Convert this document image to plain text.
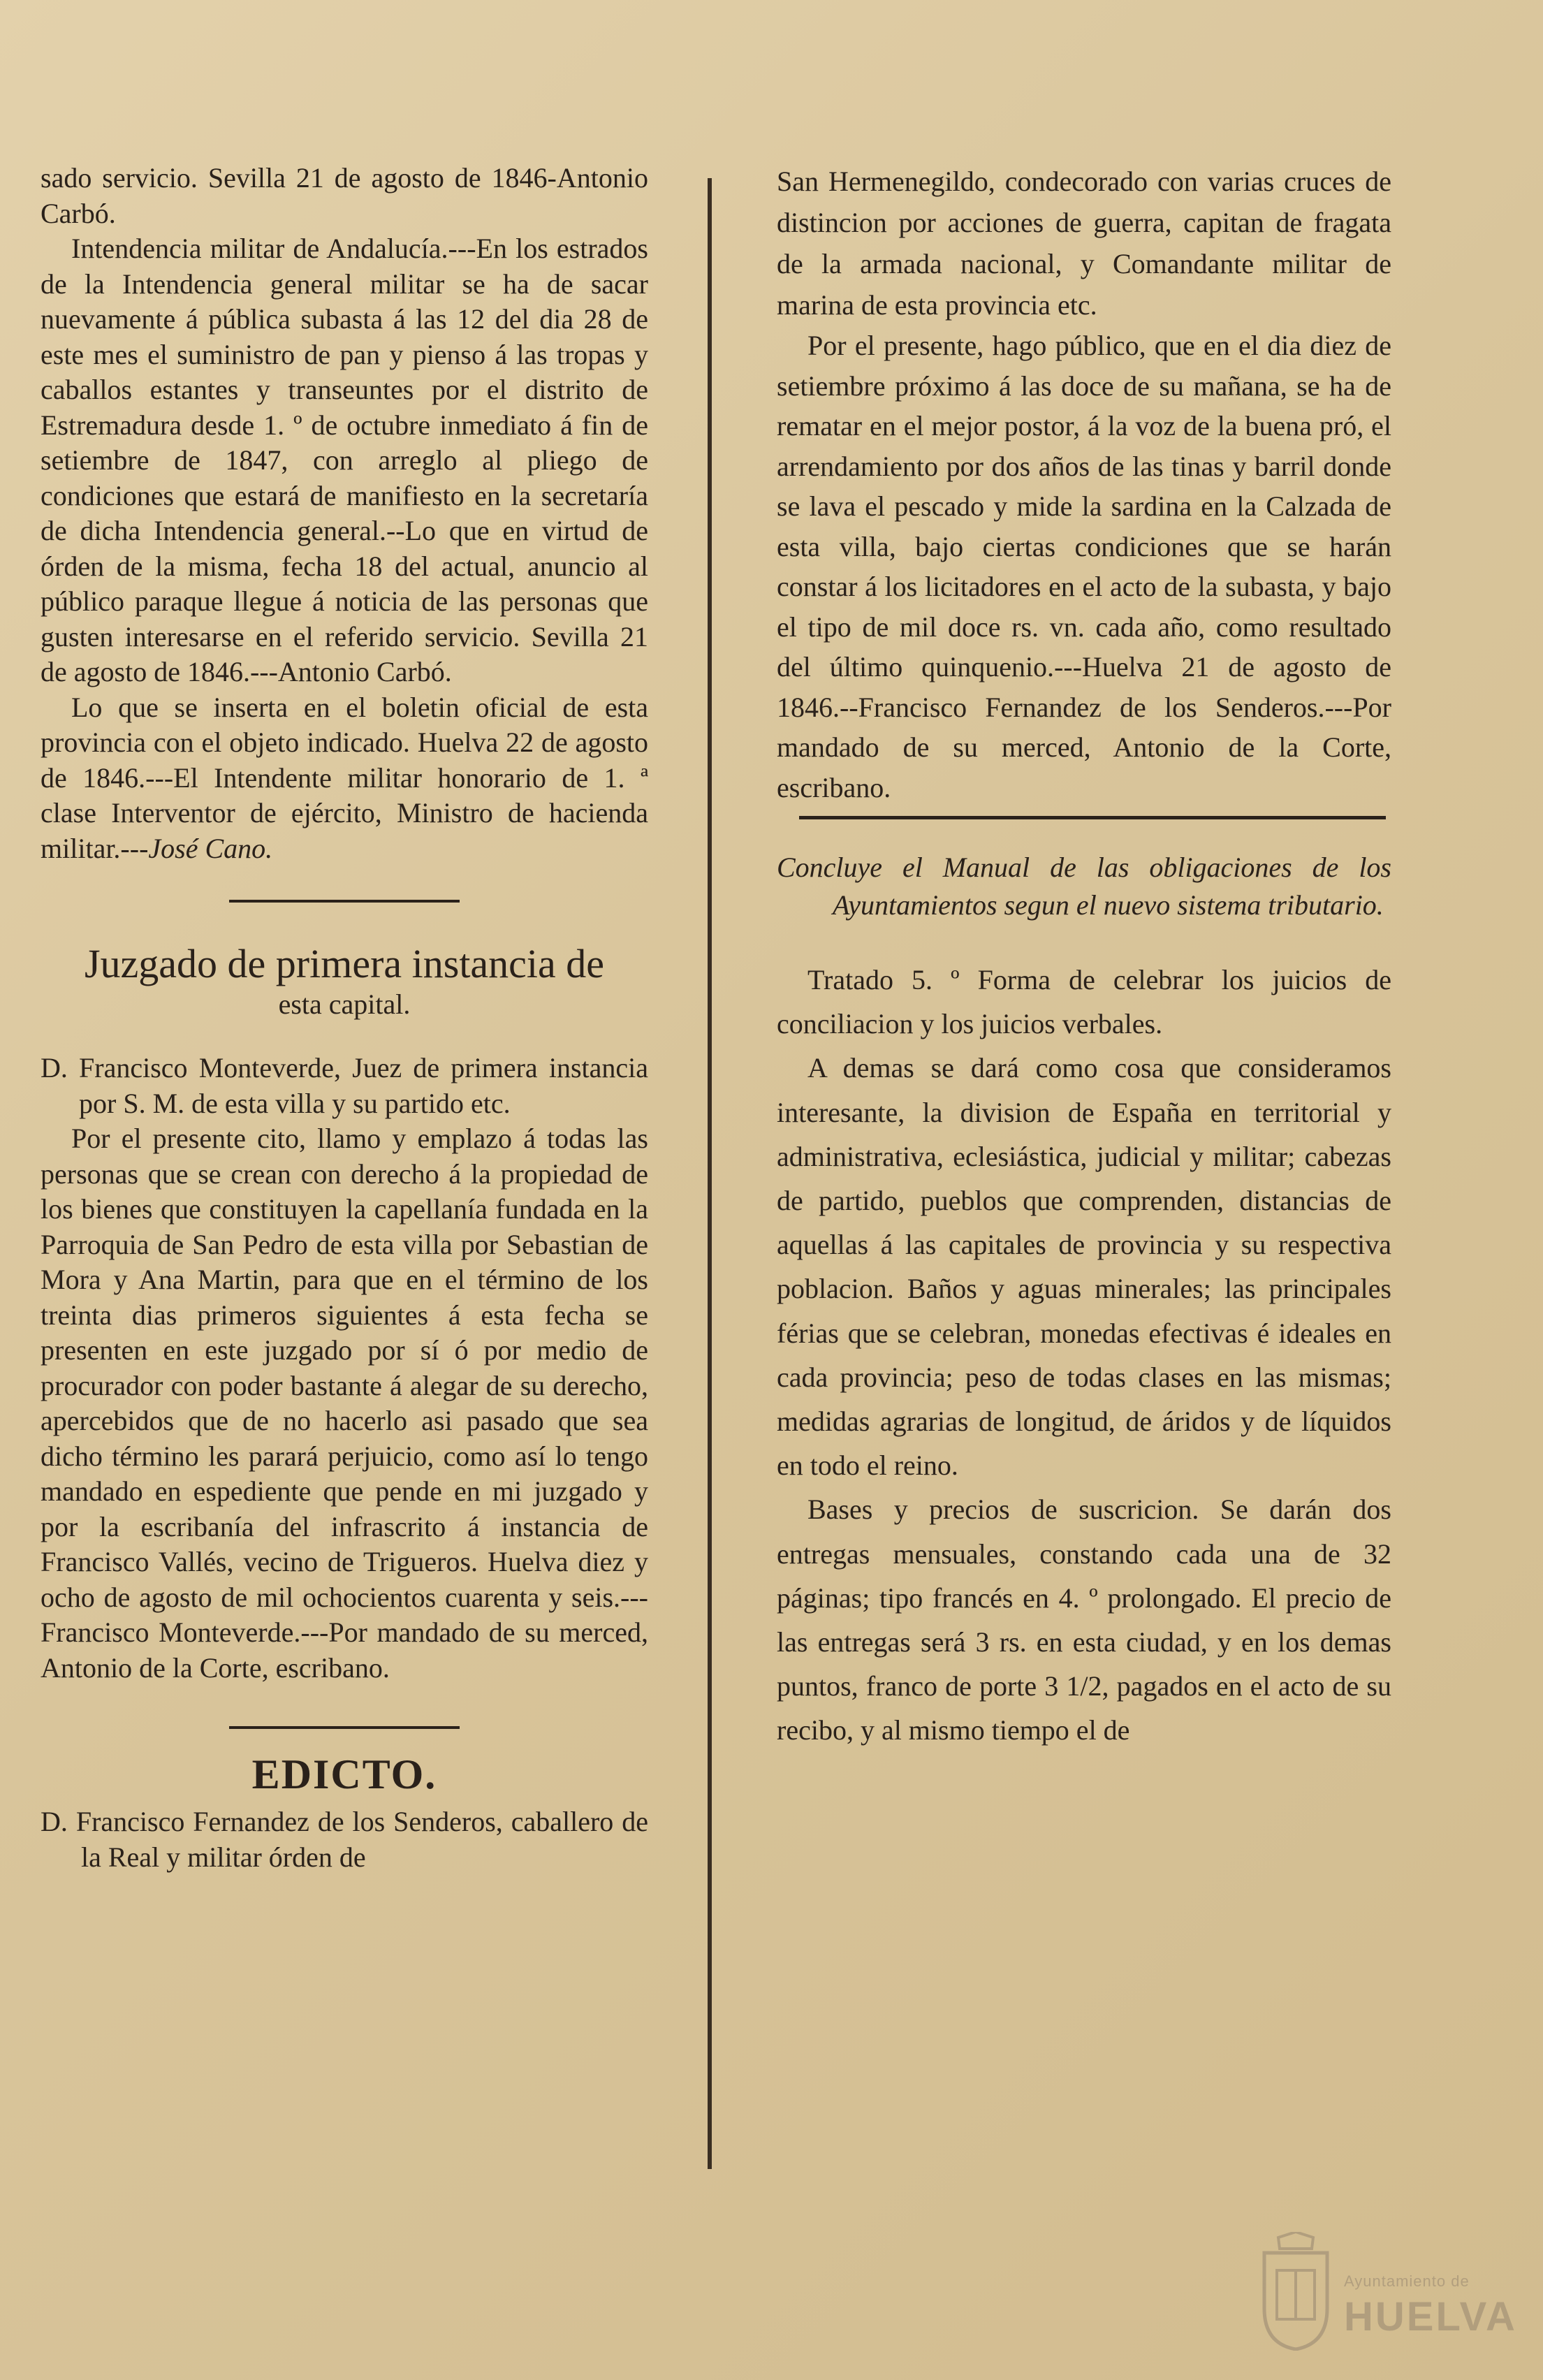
sado servicio. Sevilla 21 de agosto de 1846-Antonio Carbó.

Intendencia militar de Andalucía.---En los estrados de la Intendencia general militar se ha de sacar nuevamente á pública subasta á las 12 del dia 28 de este mes el suministro de pan y pienso á las tropas y caballos estantes y transeuntes por el distrito de Estremadura desde 1. º de octubre inmediato á fin de setiembre de 1847, con arreglo al pliego de condiciones que estará de manifiesto en la secretaría de dicha Intendencia general.--Lo que en virtud de órden de la misma, fecha 18 del actual, anuncio al público paraque llegue á noticia de las personas que gusten interesarse en el referido servicio. Sevilla 21 de agosto de 1846.---Antonio Carbó.

Lo que se inserta en el boletin oficial de esta provincia con el objeto indicado. Huelva 22 de agosto de 1846.---El Intendente militar honorario de 1. ª clase Interventor de ejército, Ministro de hacienda militar.---José Cano.

Juzgado de primera instancia de
esta capital.

D. Francisco Monteverde, Juez de primera instancia por S. M. de esta villa y su partido etc.

Por el presente cito, llamo y emplazo á todas las personas que se crean con derecho á la propiedad de los bienes que constituyen la capellanía fundada en la Parroquia de San Pedro de esta villa por Sebastian de Mora y Ana Martin, para que en el término de los treinta dias primeros siguientes á esta fecha se presenten en este juzgado por sí ó por medio de procurador con poder bastante á alegar de su derecho, apercebidos que de no hacerlo asi pasado que sea dicho término les parará perjuicio, como así lo tengo mandado en espediente que pende en mi juzgado y por la escribanía del infrascrito á instancia de Francisco Vallés, vecino de Trigueros. Huelva diez y ocho de agosto de mil ochocientos cuarenta y seis.---Francisco Monteverde.---Por mandado de su merced, Antonio de la Corte, escribano.

EDICTO.

D. Francisco Fernandez de los Senderos, caballero de la Real y militar órden de

San Hermenegildo, condecorado con varias cruces de distincion por acciones de guerra, capitan de fragata de la armada nacional, y Comandante militar de marina de esta provincia etc.

Por el presente, hago público, que en el dia diez de setiembre próximo á las doce de su mañana, se ha de rematar en el mejor postor, á la voz de la buena pró, el arrendamiento por dos años de las tinas y barril donde se lava el pescado y mide la sardina en la Calzada de esta villa, bajo ciertas condiciones que se harán constar á los licitadores en el acto de la subasta, y bajo el tipo de mil doce rs. vn. cada año, como resultado del último quinquenio.---Huelva 21 de agosto de 1846.--Francisco Fernandez de los Senderos.---Por mandado de su merced, Antonio de la Corte, escribano.

Concluye el Manual de las obligaciones de los Ayuntamientos segun el nuevo sistema tributario.

Tratado 5. º Forma de celebrar los juicios de conciliacion y los juicios verbales.

A demas se dará como cosa que consideramos interesante, la division de España en territorial y administrativa, eclesiástica, judicial y militar; cabezas de partido, pueblos que comprenden, distancias de aquellas á las capitales de provincia y su respectiva poblacion. Baños y aguas minerales; las principales férias que se celebran, monedas efectivas é ideales en cada provincia; peso de todas clases en las mismas; medidas agrarias de longitud, de áridos y de líquidos en todo el reino.

Bases y precios de suscricion. Se darán dos entregas mensuales, constando cada una de 32 páginas; tipo francés en 4. º prolongado. El precio de las entregas será 3 rs. en esta ciudad, y en los demas puntos, franco de porte 3 1/2, pagados en el acto de su recibo, y al mismo tiempo el de

Ayuntamiento de
HUELVA
